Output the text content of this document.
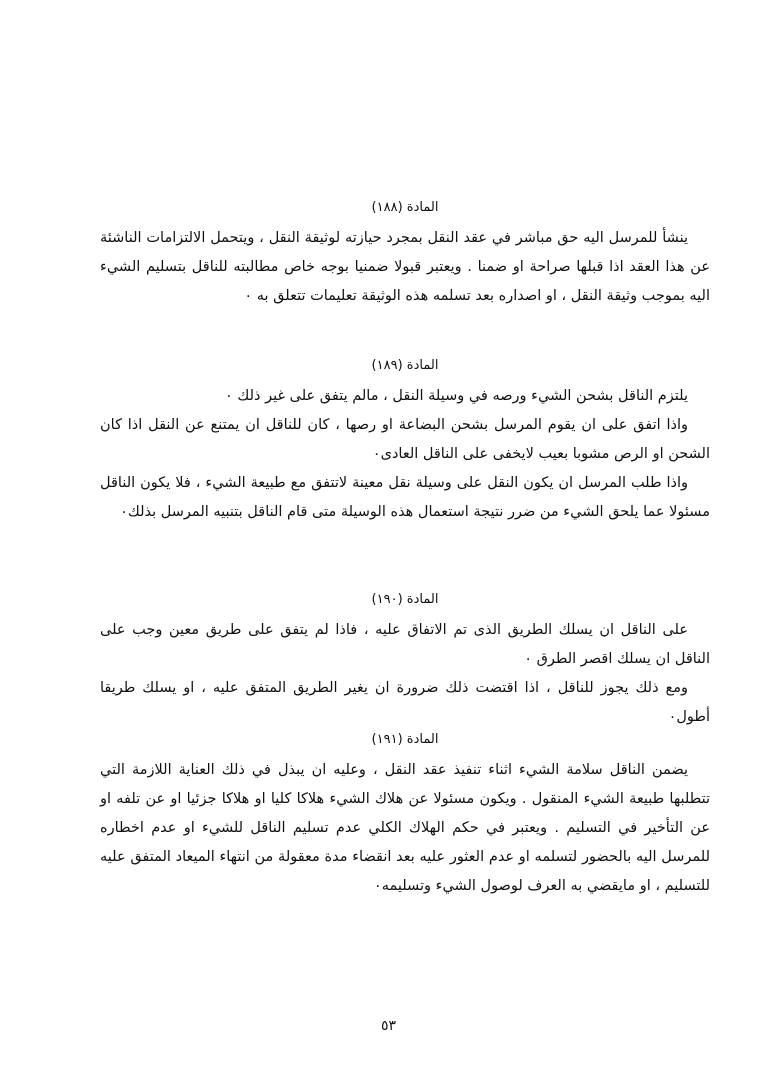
المادة (١٨٨)

ينشأ للمرسل اليه حق مباشر في عقد النقل بمجرد حيازته لوثيقة النقل ، ويتحمل الالتزامات الناشئة عن هذا العقد اذا قبلها صراحة او ضمنا . ويعتبر قبولا ضمنيا بوجه خاص مطالبته للناقل بتسليم الشيء اليه بموجب وثيقة النقل ، او اصداره بعد تسلمه هذه الوثيقة تعليمات تتعلق به ٠

المادة (١٨٩)

يلتزم الناقل بشحن الشيء ورصه في وسيلة النقل ، مالم يتفق على غير ذلك ٠

واذا اتفق على ان يقوم المرسل بشحن البضاعة او رصها ، كان للناقل ان يمتنع عن النقل اذا كان الشحن او الرص مشوبا بعيب لايخفى على الناقل العادى٠

واذا طلب المرسل ان يكون النقل على وسيلة نقل معينة لاتتفق مع طبيعة الشيء ، فلا يكون الناقل مسئولا عما يلحق الشيء من ضرر نتيجة استعمال هذه الوسيلة متى قام الناقل بتنبيه المرسل بذلك٠

المادة (١٩٠)

على الناقل ان يسلك الطريق الذى تم الاتفاق عليه ، فاذا لم يتفق على طريق معين وجب على الناقل ان يسلك اقصر الطرق ٠

ومع ذلك يجوز للناقل ، اذا اقتضت ذلك ضرورة ان يغير الطريق المتفق عليه ، او يسلك طريقا أطول٠

المادة (١٩١)

يضمن الناقل سلامة الشيء اثناء تنفيذ عقد النقل ، وعليه ان يبذل في ذلك العناية اللازمة التي تتطلبها طبيعة الشيء المنقول . ويكون مسئولا عن هلاك الشيء هلاكا كليا او هلاكا جزئيا او عن تلفه او عن التأخير في التسليم . ويعتبر في حكم الهلاك الكلي عدم تسليم الناقل للشيء او عدم اخطاره للمرسل اليه بالحضور لتسلمه او عدم العثور عليه بعد انقضاء مدة معقولة من انتهاء الميعاد المتفق عليه للتسليم ، او مايقضي به العرف لوصول الشيء وتسليمه٠

٥٣
